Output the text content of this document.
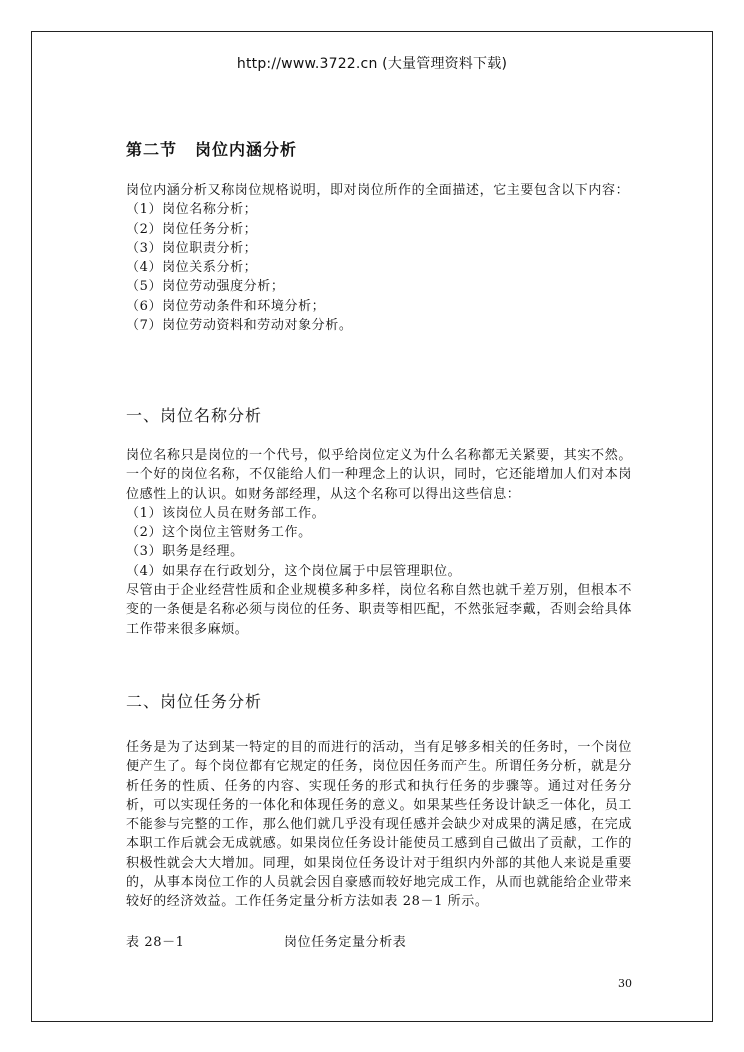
http://www.3722.cn (大量管理资料下载)
第二节 岗位内涵分析

岗位内涵分析又称岗位规格说明，即对岗位所作的全面描述，它主要包含以下内容：

（1）岗位名称分析；
（2）岗位任务分析；
（3）岗位职责分析；
（4）岗位关系分析；
（5）岗位劳动强度分析；
（6）岗位劳动条件和环境分析；
（7）岗位劳动资料和劳动对象分析。
一、岗位名称分析

岗位名称只是岗位的一个代号，似乎给岗位定义为什么名称都无关紧要，其实不然。一个好的岗位名称，不仅能给人们一种理念上的认识，同时，它还能增加人们对本岗位感性上的认识。如财务部经理，从这个名称可以得出这些信息：

（1）该岗位人员在财务部工作。
（2）这个岗位主管财务工作。
（3）职务是经理。
（4）如果存在行政划分，这个岗位属于中层管理职位。

尽管由于企业经营性质和企业规模多种多样，岗位名称自然也就千差万别，但根本不变的一条便是名称必须与岗位的任务、职责等相匹配，不然张冠李戴，否则会给具体工作带来很多麻烦。

二、岗位任务分析

任务是为了达到某一特定的目的而进行的活动，当有足够多相关的任务时，一个岗位便产生了。每个岗位都有它规定的任务，岗位因任务而产生。所谓任务分析，就是分析任务的性质、任务的内容、实现任务的形式和执行任务的步骤等。通过对任务分析，可以实现任务的一体化和体现任务的意义。如果某些任务设计缺乏一体化，员工不能参与完整的工作，那么他们就几乎没有现任感并会缺少对成果的满足感，在完成本职工作后就会无成就感。如果岗位任务设计能使员工感到自己做出了贡献，工作的积极性就会大大增加。同理，如果岗位任务设计对于组织内外部的其他人来说是重要的，从事本岗位工作的人员就会因自豪感而较好地完成工作，从而也就能给企业带来较好的经济效益。工作任务定量分析方法如表 28－1 所示。

表 28－1	岗位任务定量分析表
30
